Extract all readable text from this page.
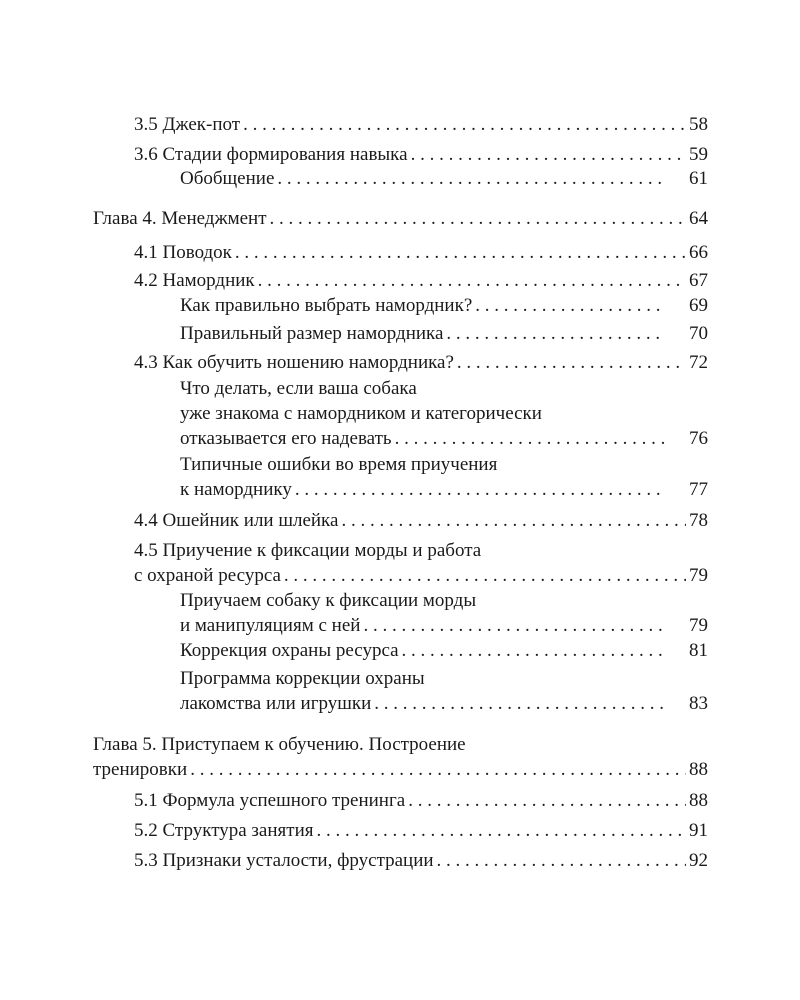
3.5 Джек-пот . . .	58
3.6 Стадии формирования навыка . . .	59
Обобщение . . .	61
Глава 4. Менеджмент . . .	64
4.1 Поводок . . .	66
4.2 Намордник . . .	67
Как правильно выбрать намордник? . . .	69
Правильный размер намордника . . .	70
4.3 Как обучить ношению намордника? . . .	72
Что делать, если ваша собака
уже знакома с намордником и категорически
отказывается его надевать . . .	76
Типичные ошибки во время приучения
к наморднику . . .	77
4.4 Ошейник или шлейка . . .	78
4.5 Приучение к фиксации морды и работа
с охраной ресурса . . .	79
Приучаем собаку к фиксации морды
и манипуляциям с ней . . .	79
Коррекция охраны ресурса . . .	81
Программа коррекции охраны
лакомства или игрушки . . .	83
Глава 5. Приступаем к обучению. Построение
тренировки . . .	88
5.1 Формула успешного тренинга . . .	88
5.2 Структура занятия . . .	91
5.3 Признаки усталости, фрустрации . . .	92
